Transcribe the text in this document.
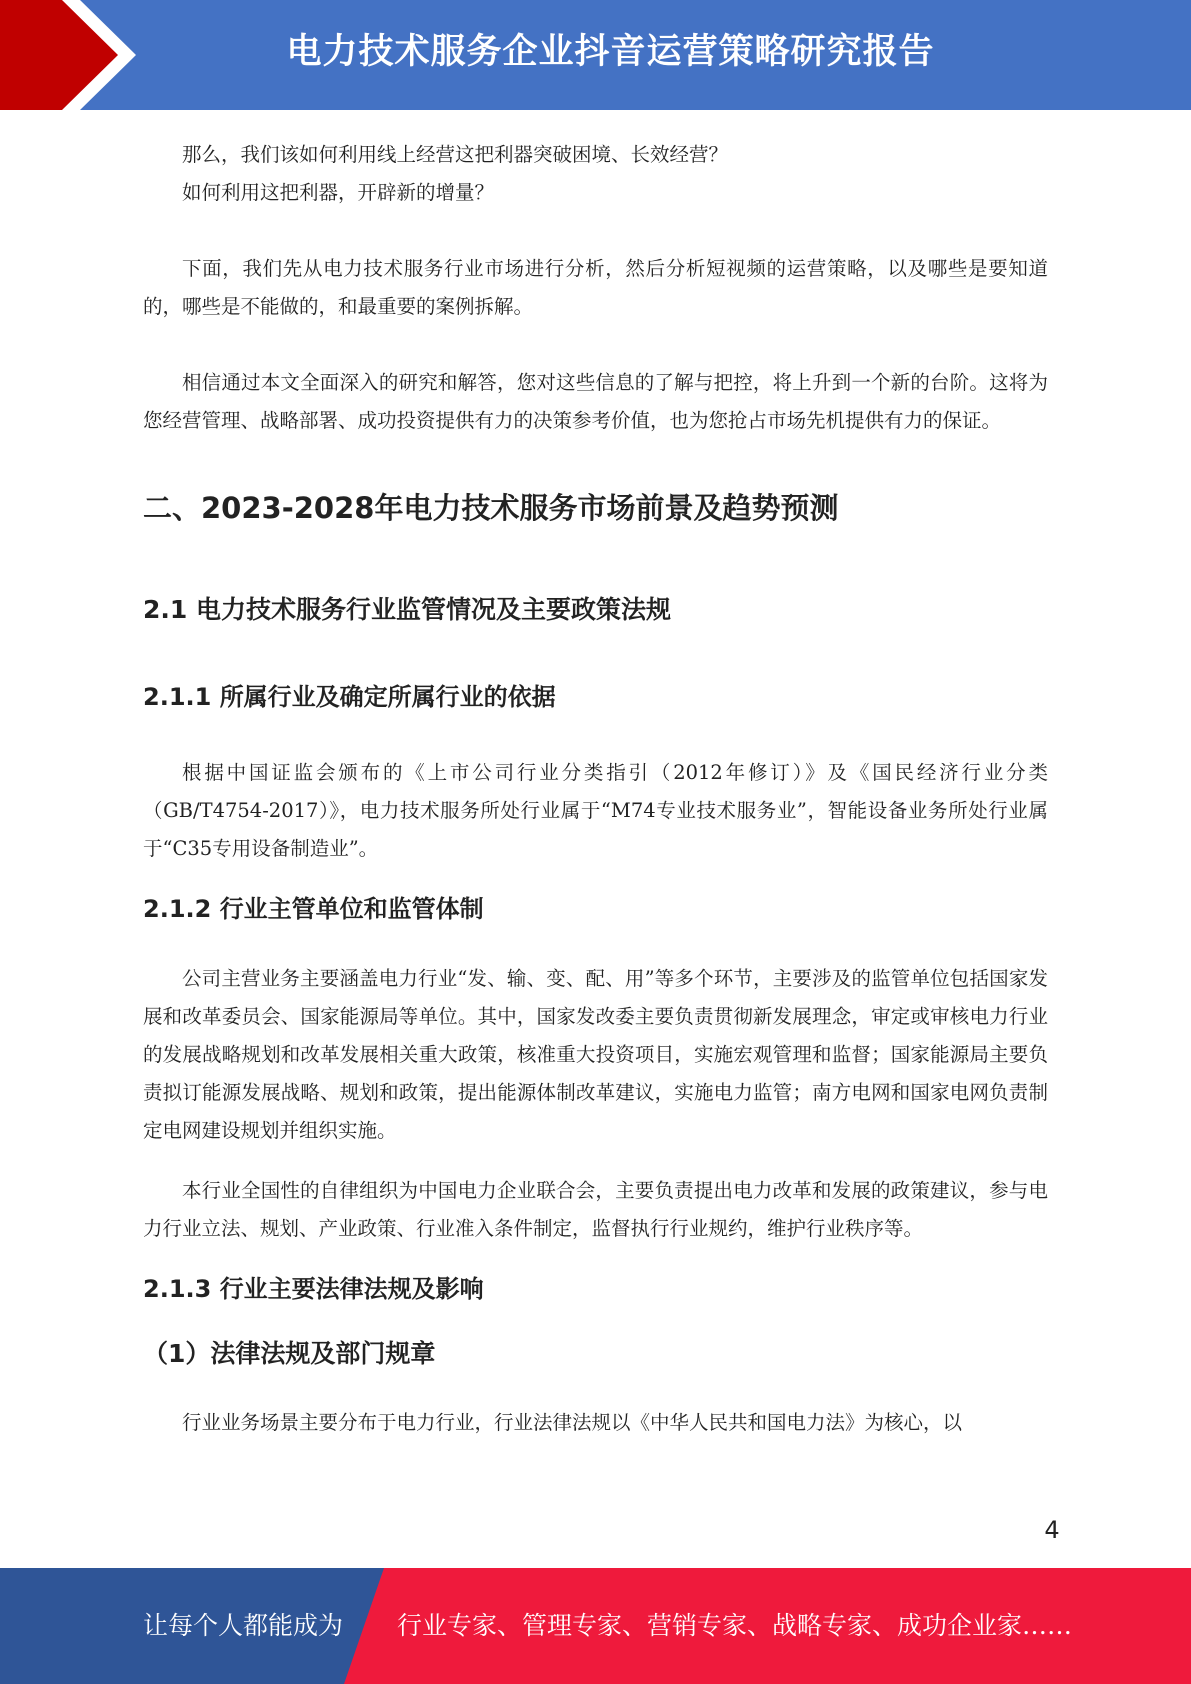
电力技术服务企业抖音运营策略研究报告

那么，我们该如何利用线上经营这把利器突破困境、长效经营？

如何利用这把利器，开辟新的增量？

下面，我们先从电力技术服务行业市场进行分析，然后分析短视频的运营策略，以及哪些是要知道的，哪些是不能做的，和最重要的案例拆解。

相信通过本文全面深入的研究和解答，您对这些信息的了解与把控，将上升到一个新的台阶。这将为您经营管理、战略部署、成功投资提供有力的决策参考价值，也为您抢占市场先机提供有力的保证。

二、2023-2028年电力技术服务市场前景及趋势预测
2.1 电力技术服务行业监管情况及主要政策法规
2.1.1 所属行业及确定所属行业的依据

根据中国证监会颁布的《上市公司行业分类指引（2012年修订）》及《国民经济行业分类（GB/T4754-2017）》，电力技术服务所处行业属于“M74专业技术服务业”，智能设备业务所处行业属于“C35专用设备制造业”。

2.1.2 行业主管单位和监管体制

公司主营业务主要涵盖电力行业“发、输、变、配、用”等多个环节，主要涉及的监管单位包括国家发展和改革委员会、国家能源局等单位。其中，国家发改委主要负责贯彻新发展理念，审定或审核电力行业的发展战略规划和改革发展相关重大政策，核准重大投资项目，实施宏观管理和监督；国家能源局主要负责拟订能源发展战略、规划和政策，提出能源体制改革建议，实施电力监管；南方电网和国家电网负责制定电网建设规划并组织实施。

本行业全国性的自律组织为中国电力企业联合会，主要负责提出电力改革和发展的政策建议，参与电力行业立法、规划、产业政策、行业准入条件制定，监督执行行业规约，维护行业秩序等。

2.1.3 行业主要法律法规及影响
（1）法律法规及部门规章

行业业务场景主要分布于电力行业，行业法律法规以《中华人民共和国电力法》为核心，以

4
让每个人都能成为 行业专家、管理专家、营销专家、战略专家、成功企业家……
